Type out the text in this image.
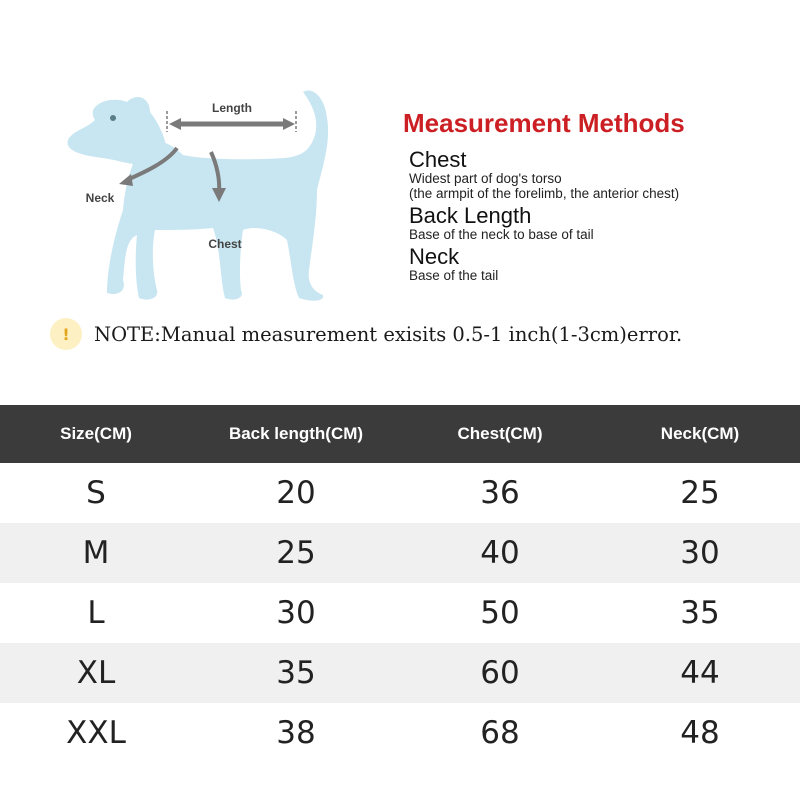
Length
Neck
Chest
Measurement Methods
Chest
Widest part of dog's torso
(the armpit of the forelimb, the anterior chest)
Back Length
Base of the neck to base of tail
Neck
Base of the tail
!	NOTE:Manual measurement exisits 0.5-1 inch(1-3cm)error.
Size(CM)	Back length(CM)	Chest(CM)	Neck(CM)
S	20	36	25
M	25	40	30
L	30	50	35
XL	35	60	44
XXL	38	68	48
